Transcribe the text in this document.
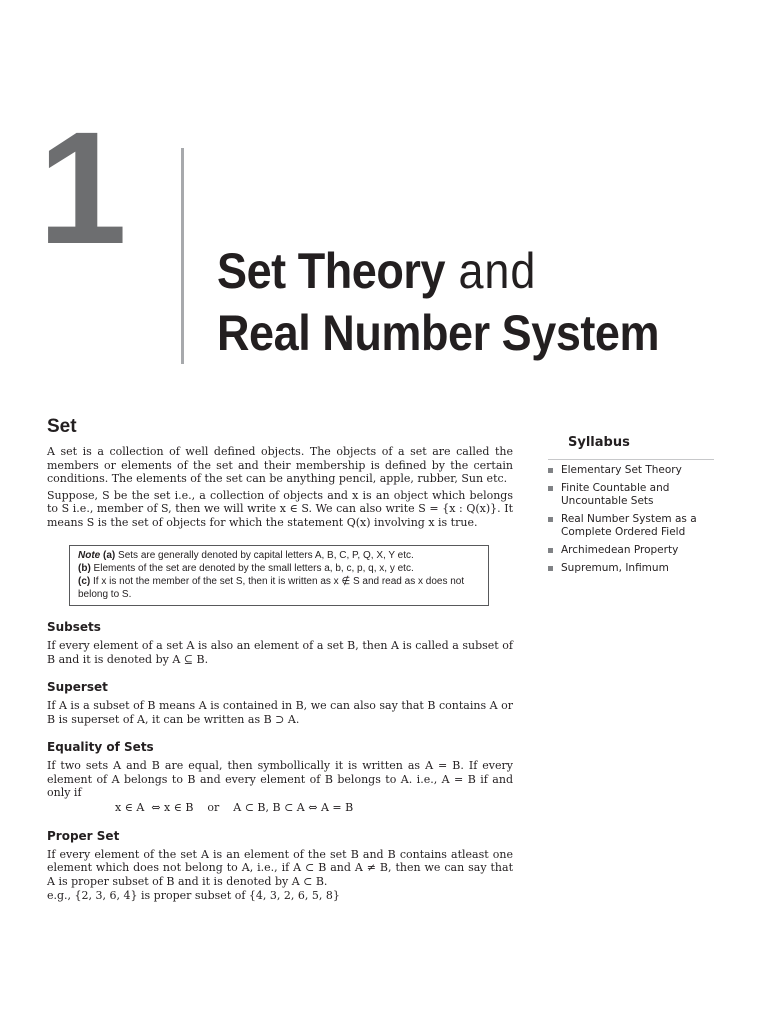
1 Set Theory and
Real Number System
Set

A set is a collection of well defined objects. The objects of a set are called the members or elements of the set and their membership is defined by the certain conditions. The elements of the set can be anything pencil, apple, rubber, Sun etc.

Suppose, S be the set i.e., a collection of objects and x is an object which belongs to S i.e., member of S, then we will write x ∈ S. We can also write S = {x : Q(x)}. It means S is the set of objects for which the statement Q(x) involving x is true.

Note (a) Sets are generally denoted by capital letters A, B, C, P, Q, X, Y etc.
(b) Elements of the set are denoted by the small letters a, b, c, p, q, x, y etc.
(c) If x is not the member of the set S, then it is written as x ∉ S and read as x does not belong to S.
Subsets

If every element of a set A is also an element of a set B, then A is called a subset of B and it is denoted by A ⊆ B.

Superset

If A is a subset of B means A is contained in B, we can also say that B contains A or B is superset of A, it can be written as B ⊃ A.

Equality of Sets

If two sets A and B are equal, then symbollically it is written as A = B. If every element of A belongs to B and every element of B belongs to A. i.e., A = B if and only if

x ∈ A  ⇔ x ∈ B    or    A ⊂ B, B ⊂ A ⇔ A = B
Proper Set

If every element of the set A is an element of the set B and B contains atleast one element which does not belong to A, i.e., if A ⊂ B and A ≠ B, then we can say that A is proper subset of B and it is denoted by A ⊂ B.

e.g., {2, 3, 6, 4} is proper subset of {4, 3, 2, 6, 5, 8}
Syllabus
Elementary Set Theory
Finite Countable and Uncountable Sets
Real Number System as a Complete Ordered Field
Archimedean Property
Supremum, Infimum
